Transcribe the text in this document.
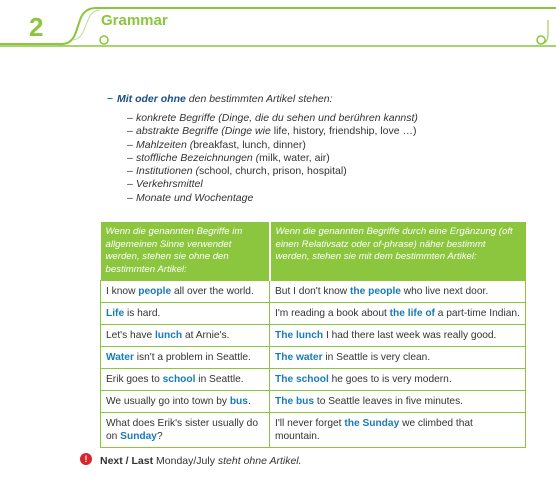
2	Grammar
– Mit oder ohne den bestimmten Artikel stehen:
– konkrete Begriffe (Dinge, die du sehen und berühren kannst)
– abstrakte Begriffe (Dinge wie life, history, friendship, love …)
– Mahlzeiten (breakfast, lunch, dinner)
– stoffliche Bezeichnungen (milk, water, air)
– Institutionen (school, church, prison, hospital)
– Verkehrsmittel
– Monate und Wochentage
Wenn die genannten Begriffe im allgemeinen Sinne verwendet werden, stehen sie ohne den bestimmten Artikel:	Wenn die genannten Begriffe durch eine Ergänzung (oft einen Relativsatz oder of-phrase) näher bestimmt werden, stehen sie mit dem bestimmten Artikel:
I know people all over the world.	But I don't know the people who live next door.
Life is hard.	I'm reading a book about the life of a part-time Indian.
Let's have lunch at Arnie's.	The lunch I had there last week was really good.
Water isn't a problem in Seattle.	The water in Seattle is very clean.
Erik goes to school in Seattle.	The school he goes to is very modern.
We usually go into town by bus.	The bus to Seattle leaves in five minutes.
What does Erik's sister usually do on Sunday?	I'll never forget the Sunday we climbed that mountain.
!	Next / Last Monday/July steht ohne Artikel.
